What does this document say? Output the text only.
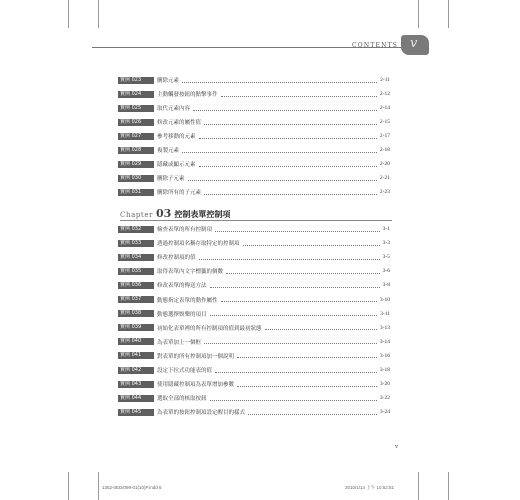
CONTENTS v
實例 023	刪除元素	2-11
實例 024	主動觸發按鈕的點擊事件	2-12
實例 025	取代元素內容	2-14
實例 026	修改元素的屬性值	2-15
實例 027	參考移動的元素	2-17
實例 028	複製元素	2-18
實例 029	隱藏或顯示元素	2-20
實例 030	刪除子元素	2-21
實例 031	刪除所有的子元素	2-23
Chapter 03 控制表單控制項
實例 032	檢查表單的所有控制項	3-1
實例 033	透過控制項名稱存取特定的控制項	3-3
實例 034	修改控制項的值	3-5
實例 035	取得表單內文字標籤的個數	3-6
實例 036	修改表單的傳送方法	3-8
實例 037	動態指定表單的動作屬性	3-10
實例 038	動態選擇娛樂的項目	3-11
實例 039	初始化表單裡的所有控制項的值到最初狀態	3-13
實例 040	為表單加上一個框	3-14
實例 041	對表單的所有控制項加一個說明	3-16
實例 042	設定下拉式功能表的值	3-18
實例 043	使用隱藏控制項為表單增加參數	3-20
實例 044	選取全部的核取按鈕	3-22
實例 045	為表單的按鈕控制項設定醒目的樣式	3-24
v
1352-0ED/099-01(10)P.indd 5	2010/1/14 上午 10:52:51
